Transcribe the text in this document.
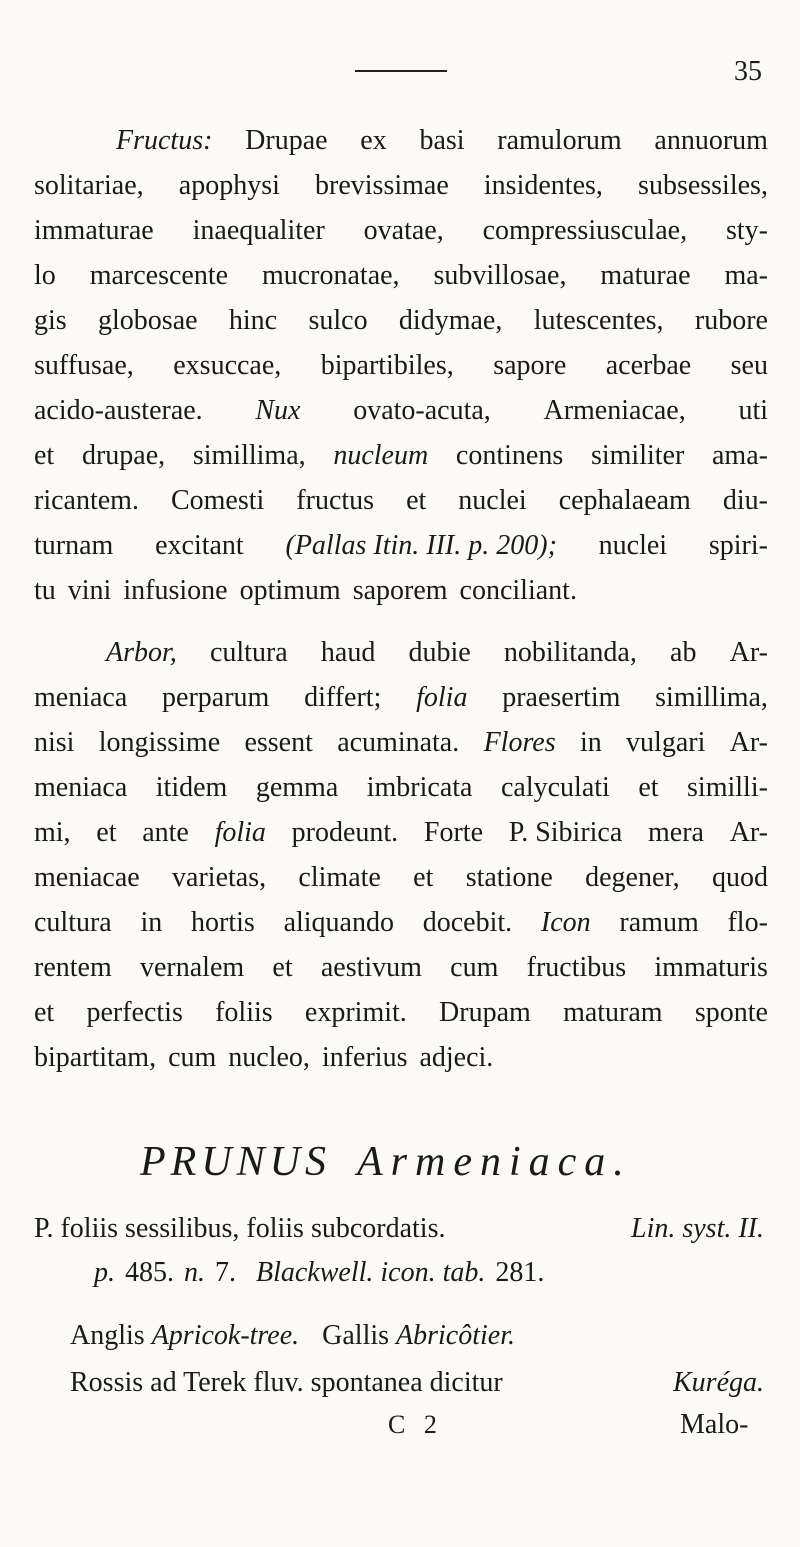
35
Fructus: Drupae ex basi ramulorum annuorum
solitariae, apophysi brevissimae insidentes, subsessiles,
immaturae inaequaliter ovatae, compressiusculae, sty-
lo marcescente mucronatae, subvillosae, maturae ma-
gis globosae hinc sulco didymae, lutescentes, rubore
suffusae, exsuccae, bipartibiles, sapore acerbae seu
acido-austerae. Nux ovato-acuta, Armeniacae, uti
et drupae, simillima, nucleum continens similiter ama-
ricantem. Comesti fructus et nuclei cephalaeam diu-
turnam excitant (Pallas Itin. III. p. 200); nuclei spiri-
tu vini infusione optimum saporem conciliant.
Arbor, cultura haud dubie nobilitanda, ab Ar-
meniaca perparum differt; folia praesertim simillima,
nisi longissime essent acuminata. Flores in vulgari Ar-
meniaca itidem gemma imbricata calyculati et similli-
mi, et ante folia prodeunt. Forte P. Sibirica mera Ar-
meniacae varietas, climate et statione degener, quod
cultura in hortis aliquando docebit. Icon ramum flo-
rentem vernalem et aestivum cum fructibus immaturis
et perfectis foliis exprimit. Drupam maturam sponte
bipartitam, cum nucleo, inferius adjeci.
PRUNUS Armeniaca.
P. foliis sessilibus, foliis subcordatis.	Lin. syst. II.
p. 485. n. 7. Blackwell. icon. tab. 281.
Anglis Apricok-tree. Gallis Abricôtier.
Rossis ad Terek fluv. spontanea dicitur	Kuréga.
C 2	Malo-
